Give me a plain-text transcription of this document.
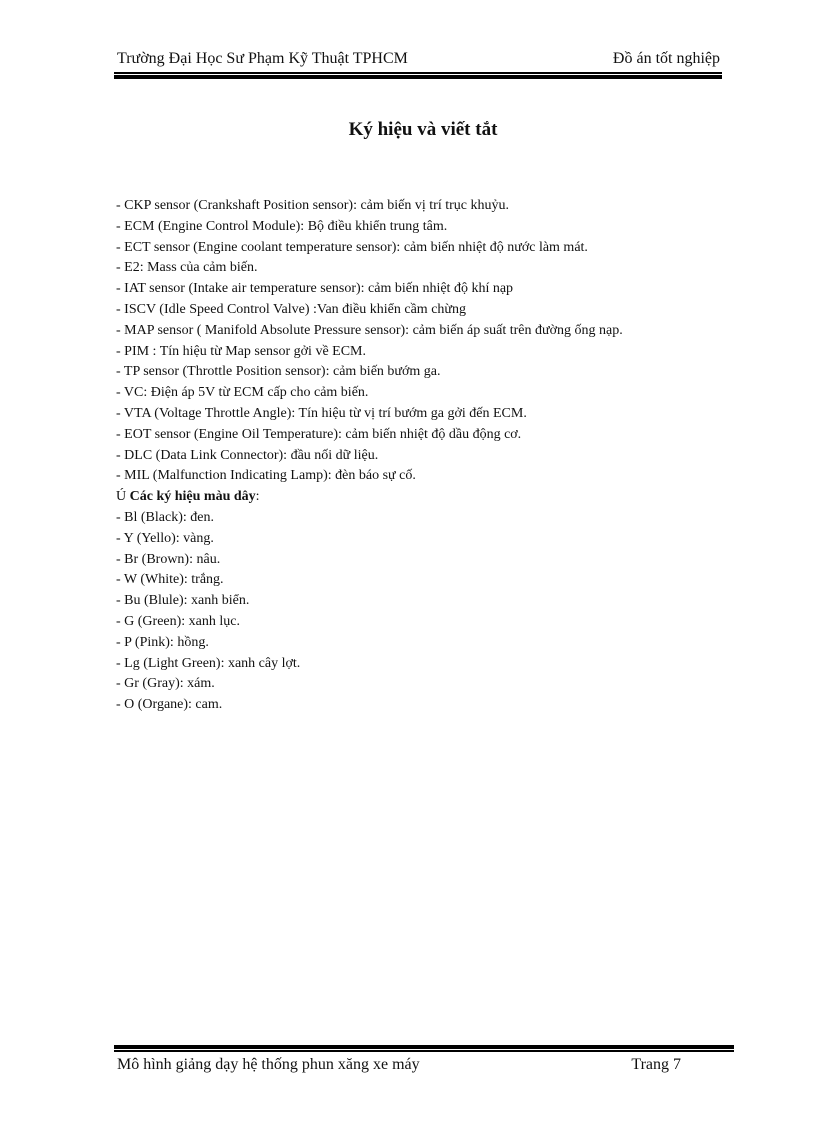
Trường Đại Học Sư Phạm Kỹ Thuật TPHCM	Đồ án tốt nghiệp
Ký hiệu và viết tắt

- CKP sensor (Crankshaft Position sensor): cảm biến vị trí trục khuỷu.

- ECM (Engine Control Module): Bộ điều khiển trung tâm.

- ECT sensor (Engine coolant temperature sensor): cảm biến nhiệt độ nước làm mát.

- E2: Mass của cảm biến.

- IAT sensor (Intake air temperature sensor): cảm biến nhiệt độ khí nạp

- ISCV (Idle Speed Control Valve) :Van điều khiển cầm chừng

- MAP sensor ( Manifold Absolute Pressure sensor): cảm biến áp suất trên đường ống nạp.

- PIM : Tín hiệu từ Map sensor gởi về ECM.

- TP sensor (Throttle Position sensor): cảm biến bướm ga.

- VC: Điện áp 5V từ ECM cấp cho cảm biến.

- VTA (Voltage Throttle Angle): Tín hiệu từ vị trí bướm ga gởi đến ECM.

- EOT sensor (Engine Oil Temperature): cảm biến nhiệt độ dầu động cơ.

- DLC (Data Link Connector): đầu nối dữ liệu.

- MIL (Malfunction Indicating Lamp): đèn báo sự cố.

Ú Các ký hiệu màu dây:

- Bl (Black): đen.

- Y (Yello): vàng.

- Br (Brown): nâu.

- W (White): trắng.

- Bu (Blule): xanh biển.

- G (Green): xanh lục.

- P (Pink): hồng.

- Lg (Light Green): xanh cây lợt.

- Gr (Gray): xám.

- O (Organe): cam.

Mô hình giảng dạy hệ thống phun xăng xe máy	Trang 7
